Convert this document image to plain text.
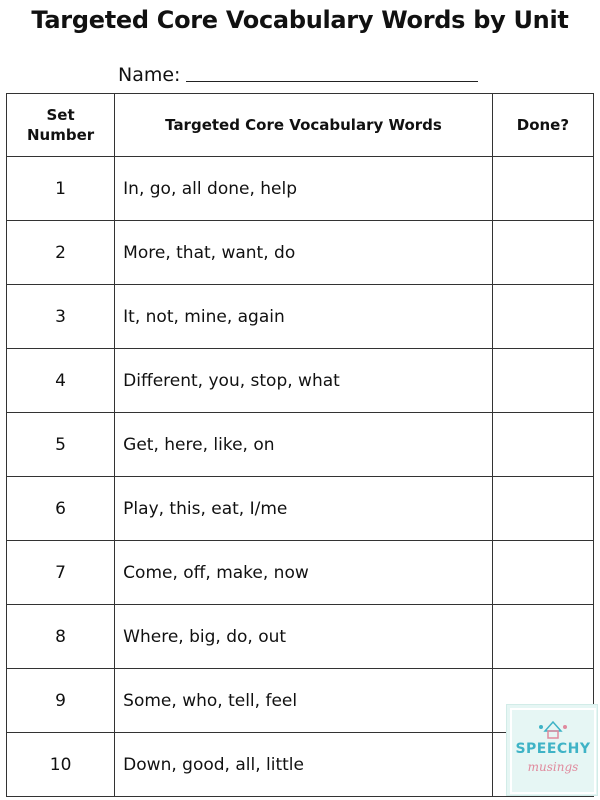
Targeted Core Vocabulary Words by Unit
Name:
Set
Number	Targeted Core Vocabulary Words	Done?
1	In, go, all done, help	
2	More, that, want, do	
3	It, not, mine, again	
4	Different, you, stop, what	
5	Get, here, like, on	
6	Play, this, eat, I/me	
7	Come, off, make, now	
8	Where, big, do, out	
9	Some, who, tell, feel	
10	Down, good, all, little	
SPEECHY
musings
